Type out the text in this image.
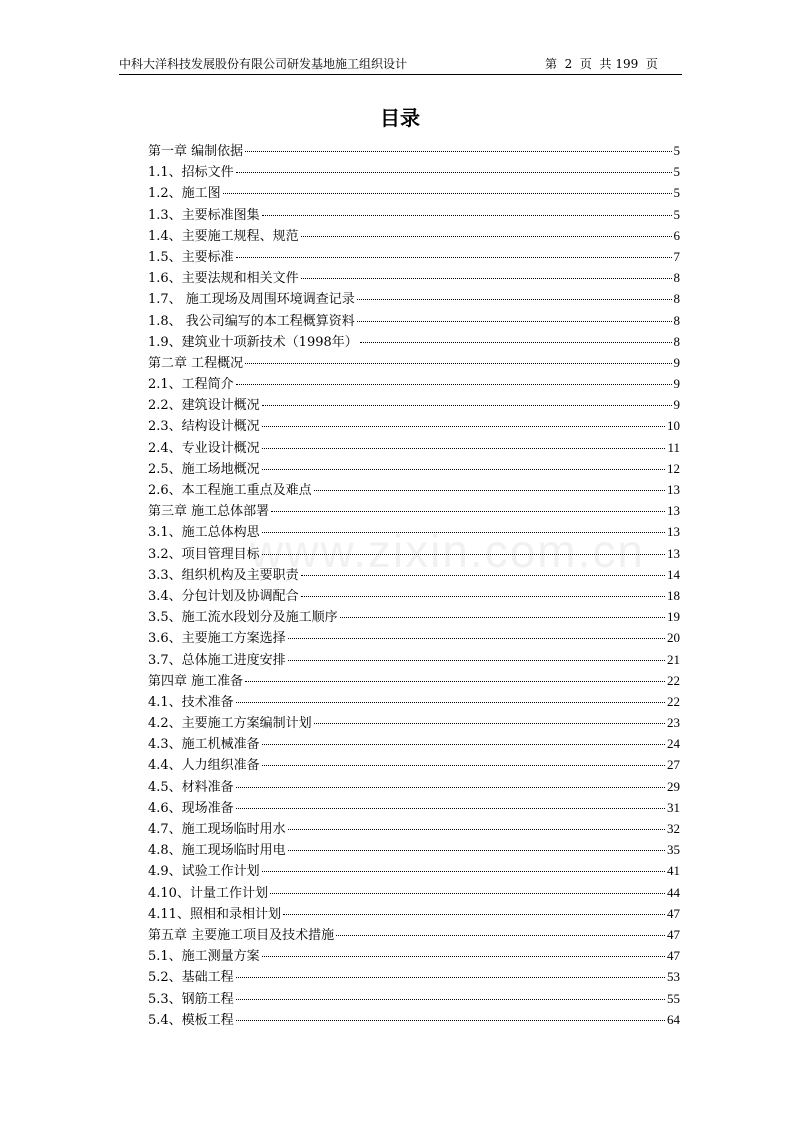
中科大洋科技发展股份有限公司研发基地施工组织设计	第  2  页  共 199  页
目录
www.zixin.com.cn
第一章 编制依据	5
1.1、招标文件	5
1.2、施工图	5
1.3、主要标准图集	5
1.4、主要施工规程、规范	6
1.5、主要标准	7
1.6、主要法规和相关文件	8
1.7、 施工现场及周围环境调查记录	8
1.8、 我公司编写的本工程概算资料	8
1.9、建筑业十项新技术（1998年）	8
第二章 工程概况	9
2.1、工程简介	9
2.2、建筑设计概况	9
2.3、结构设计概况	10
2.4、专业设计概况	11
2.5、施工场地概况	12
2.6、本工程施工重点及难点	13
第三章 施工总体部署	13
3.1、施工总体构思	13
3.2、项目管理目标	13
3.3、组织机构及主要职责	14
3.4、分包计划及协调配合	18
3.5、施工流水段划分及施工顺序	19
3.6、主要施工方案选择	20
3.7、总体施工进度安排	21
第四章 施工准备	22
4.1、技术准备	22
4.2、主要施工方案编制计划	23
4.3、施工机械准备	24
4.4、人力组织准备	27
4.5、材料准备	29
4.6、现场准备	31
4.7、施工现场临时用水	32
4.8、施工现场临时用电	35
4.9、试验工作计划	41
4.10、计量工作计划	44
4.11、照相和录相计划	47
第五章 主要施工项目及技术措施	47
5.1、施工测量方案	47
5.2、基础工程	53
5.3、钢筋工程	55
5.4、模板工程	64
